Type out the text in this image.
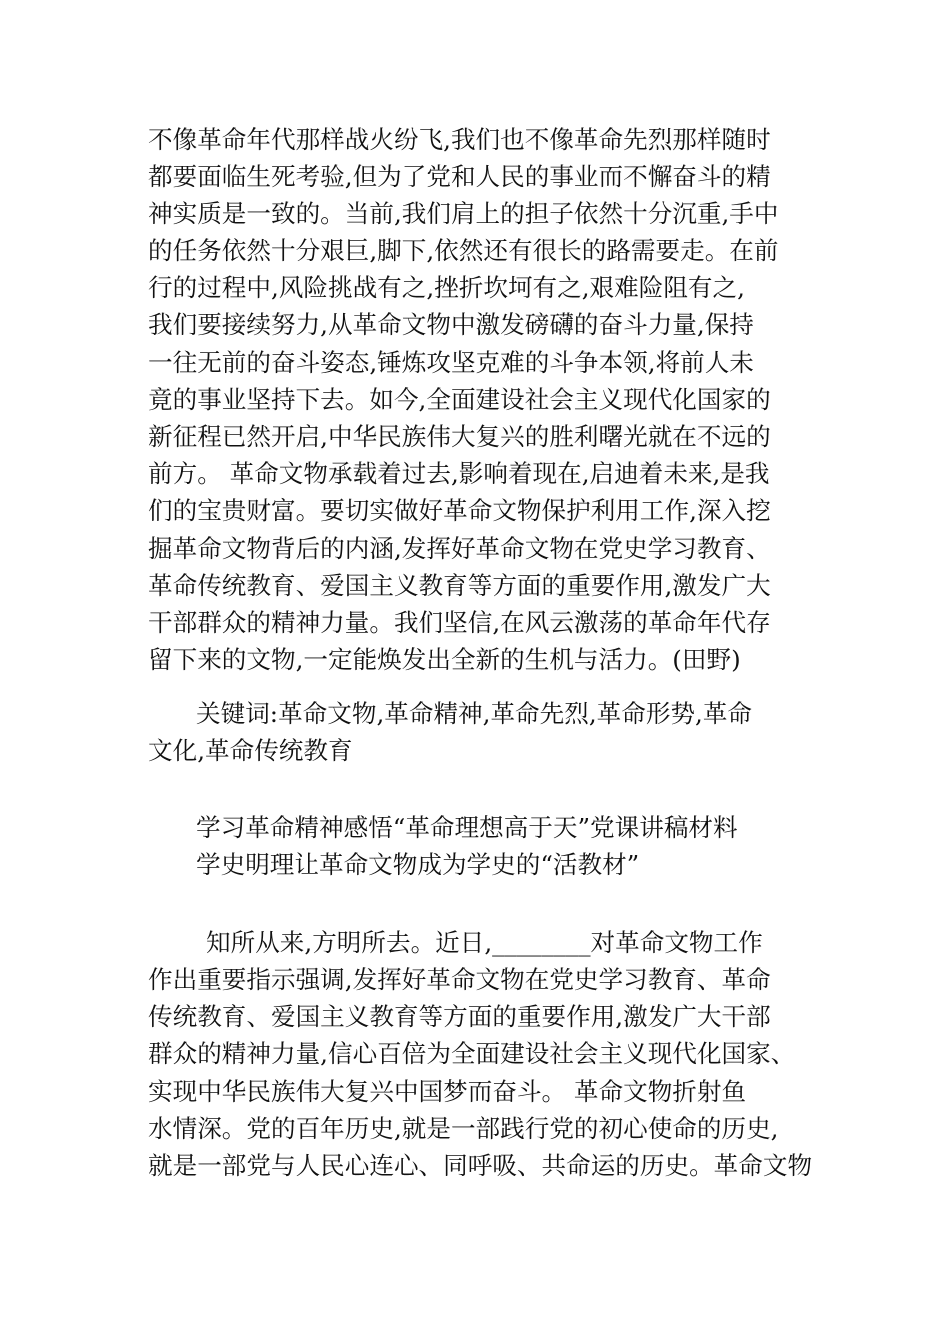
不像革命年代那样战火纷飞,我们也不像革命先烈那样随时
都要面临生死考验,但为了党和人民的事业而不懈奋斗的精
神实质是一致的。当前,我们肩上的担子依然十分沉重,手中
的任务依然十分艰巨,脚下,依然还有很长的路需要走。在前
行的过程中,风险挑战有之,挫折坎坷有之,艰难险阻有之,
我们要接续努力,从革命文物中激发磅礴的奋斗力量,保持
一往无前的奋斗姿态,锤炼攻坚克难的斗争本领,将前人未
竟的事业坚持下去。如今,全面建设社会主义现代化国家的
新征程已然开启,中华民族伟大复兴的胜利曙光就在不远的
前方。 革命文物承载着过去,影响着现在,启迪着未来,是我
们的宝贵财富。要切实做好革命文物保护利用工作,深入挖
掘革命文物背后的内涵,发挥好革命文物在党史学习教育、
革命传统教育、爱国主义教育等方面的重要作用,激发广大
干部群众的精神力量。我们坚信,在风云激荡的革命年代存
留下来的文物,一定能焕发出全新的生机与活力。(田野)
关键词:革命文物,革命精神,革命先烈,革命形势,革命
文化,革命传统教育
学习革命精神感悟“革命理想高于天”党课讲稿材料
学史明理让革命文物成为学史的“活教材”
知所从来,方明所去。近日,________对革命文物工作
作出重要指示强调,发挥好革命文物在党史学习教育、革命
传统教育、爱国主义教育等方面的重要作用,激发广大干部
群众的精神力量,信心百倍为全面建设社会主义现代化国家、
实现中华民族伟大复兴中国梦而奋斗。 革命文物折射鱼
水情深。党的百年历史,就是一部践行党的初心使命的历史,
就是一部党与人民心连心、同呼吸、共命运的历史。革命文物
